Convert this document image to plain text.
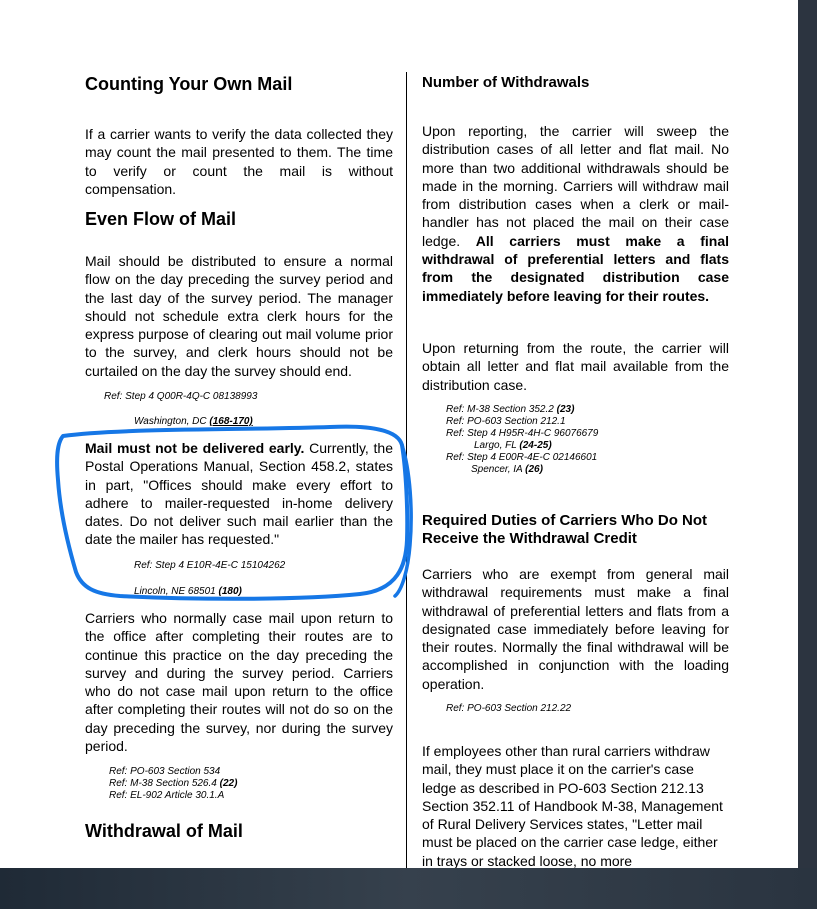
Counting Your Own Mail

If a carrier wants to verify the data collected they may count the mail presented to them. The time to verify or count the mail is without compensation.

Even Flow of Mail

Mail should be distributed to ensure a normal flow on the day preceding the survey period and the last day of the survey period. The manager should not schedule extra clerk hours for the express purpose of clearing out mail volume prior to the survey, and clerk hours should not be curtailed on the day the survey should end.

Ref: Step 4 Q00R-4Q-C 08138993

Washington, DC (168-170)

Mail must not be delivered early. Currently, the Postal Operations Manual, Section 458.2, states in part, "Offices should make every effort to adhere to mailer-requested in-home delivery dates. Do not deliver such mail earlier than the date the mailer has requested."

Ref: Step 4 E10R-4E-C 15104262

Lincoln, NE 68501 (180)

Carriers who normally case mail upon return to the office after completing their routes are to continue this practice on the day preceding the survey and during the survey period. Carriers who do not case mail upon return to the office after completing their routes will not do so on the day preceding the survey, nor during the survey period.

Ref: PO-603 Section 534
Ref: M-38 Section 526.4 (22)
Ref: EL-902 Article 30.1.A
Withdrawal of Mail
Number of Withdrawals

Upon reporting, the carrier will sweep the distribution cases of all letter and flat mail. No more than two additional withdrawals should be made in the morning. Carriers will withdraw mail from distribution cases when a clerk or mail-handler has not placed the mail on their case ledge. All carriers must make a final withdrawal of preferential letters and flats from the designated distribution case immediately before leaving for their routes.

Upon returning from the route, the carrier will obtain all letter and flat mail available from the distribution case.

Ref: M-38 Section 352.2 (23)
Ref: PO-603 Section 212.1
Ref: Step 4 H95R-4H-C 96076679
Largo, FL (24-25)
Ref: Step 4 E00R-4E-C 02146601
Spencer, IA (26)
Required Duties of Carriers Who Do Not Receive the Withdrawal Credit

Carriers who are exempt from general mail withdrawal requirements must make a final withdrawal of preferential letters and flats from a designated case immediately before leaving for their routes. Normally the final withdrawal will be accomplished in conjunction with the loading operation.

Ref: PO-603 Section 212.22

If employees other than rural carriers withdraw mail, they must place it on the carrier's case ledge as described in PO-603 Section 212.13 Section 352.11 of Handbook M-38, Management of Rural Delivery Services states, "Letter mail must be placed on the carrier case ledge, either in trays or stacked loose, no more
